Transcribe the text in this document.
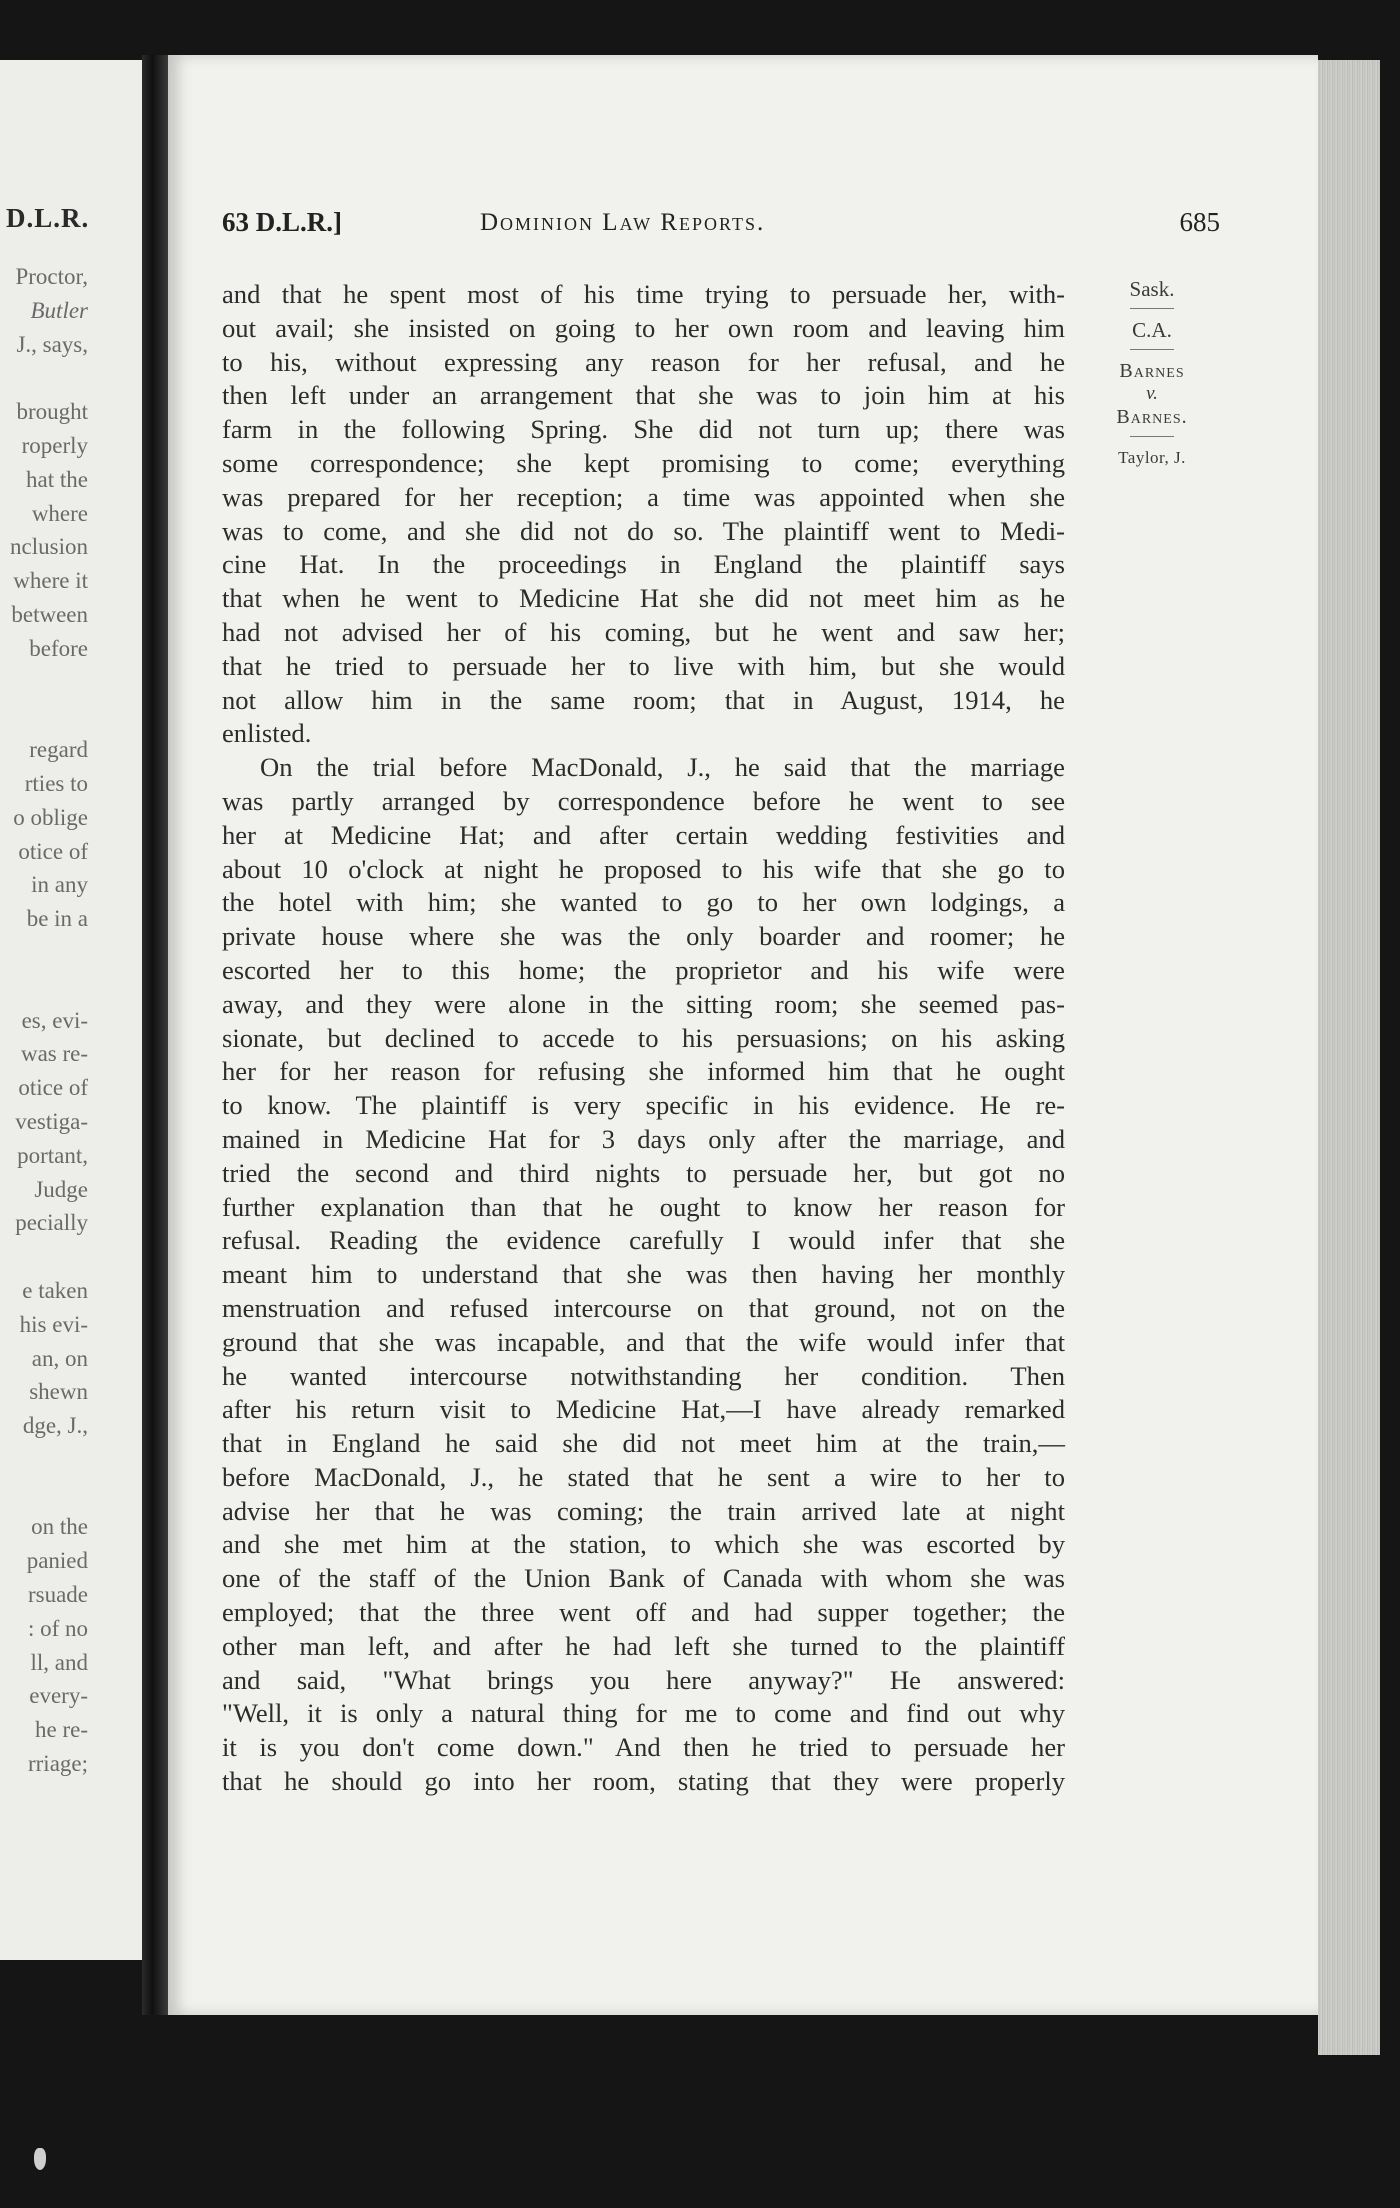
D.L.R.
Proctor,
Butler
J., says,
brought
roperly
hat the
where
nclusion
where it
between
before
regard
rties to
o oblige
otice of
in any
be in a
es, evi-
was re-
otice of
vestiga-
portant,
Judge
pecially
e taken
his evi-
an, on
shewn
dge, J.,
on the
panied
rsuade
: of no
ll, and
every-
he re-
rriage;
63 D.L.R.]	Dominion Law Reports.	685
and that he spent most of his time trying to persuade her, with-
out avail; she insisted on going to her own room and leaving him
to his, without expressing any reason for her refusal, and he
then left under an arrangement that she was to join him at his
farm in the following Spring. She did not turn up; there was
some correspondence; she kept promising to come; everything
was prepared for her reception; a time was appointed when she
was to come, and she did not do so. The plaintiff went to Medi-
cine Hat. In the proceedings in England the plaintiff says
that when he went to Medicine Hat she did not meet him as he
had not advised her of his coming, but he went and saw her;
that he tried to persuade her to live with him, but she would
not allow him in the same room; that in August, 1914, he
enlisted.
On the trial before MacDonald, J., he said that the marriage
was partly arranged by correspondence before he went to see
her at Medicine Hat; and after certain wedding festivities and
about 10 o'clock at night he proposed to his wife that she go to
the hotel with him; she wanted to go to her own lodgings, a
private house where she was the only boarder and roomer; he
escorted her to this home; the proprietor and his wife were
away, and they were alone in the sitting room; she seemed pas-
sionate, but declined to accede to his persuasions; on his asking
her for her reason for refusing she informed him that he ought
to know. The plaintiff is very specific in his evidence. He re-
mained in Medicine Hat for 3 days only after the marriage, and
tried the second and third nights to persuade her, but got no
further explanation than that he ought to know her reason for
refusal. Reading the evidence carefully I would infer that she
meant him to understand that she was then having her monthly
menstruation and refused intercourse on that ground, not on the
ground that she was incapable, and that the wife would infer that
he wanted intercourse notwithstanding her condition. Then
after his return visit to Medicine Hat,—I have already remarked
that in England he said she did not meet him at the train,—
before MacDonald, J., he stated that he sent a wire to her to
advise her that he was coming; the train arrived late at night
and she met him at the station, to which she was escorted by
one of the staff of the Union Bank of Canada with whom she was
employed; that the three went off and had supper together; the
other man left, and after he had left she turned to the plaintiff
and said, "What brings you here anyway?" He answered:
"Well, it is only a natural thing for me to come and find out why
it is you don't come down." And then he tried to persuade her
that he should go into her room, stating that they were properly
Sask.
C.A.
Barnes
v.
Barnes.
Taylor, J.
